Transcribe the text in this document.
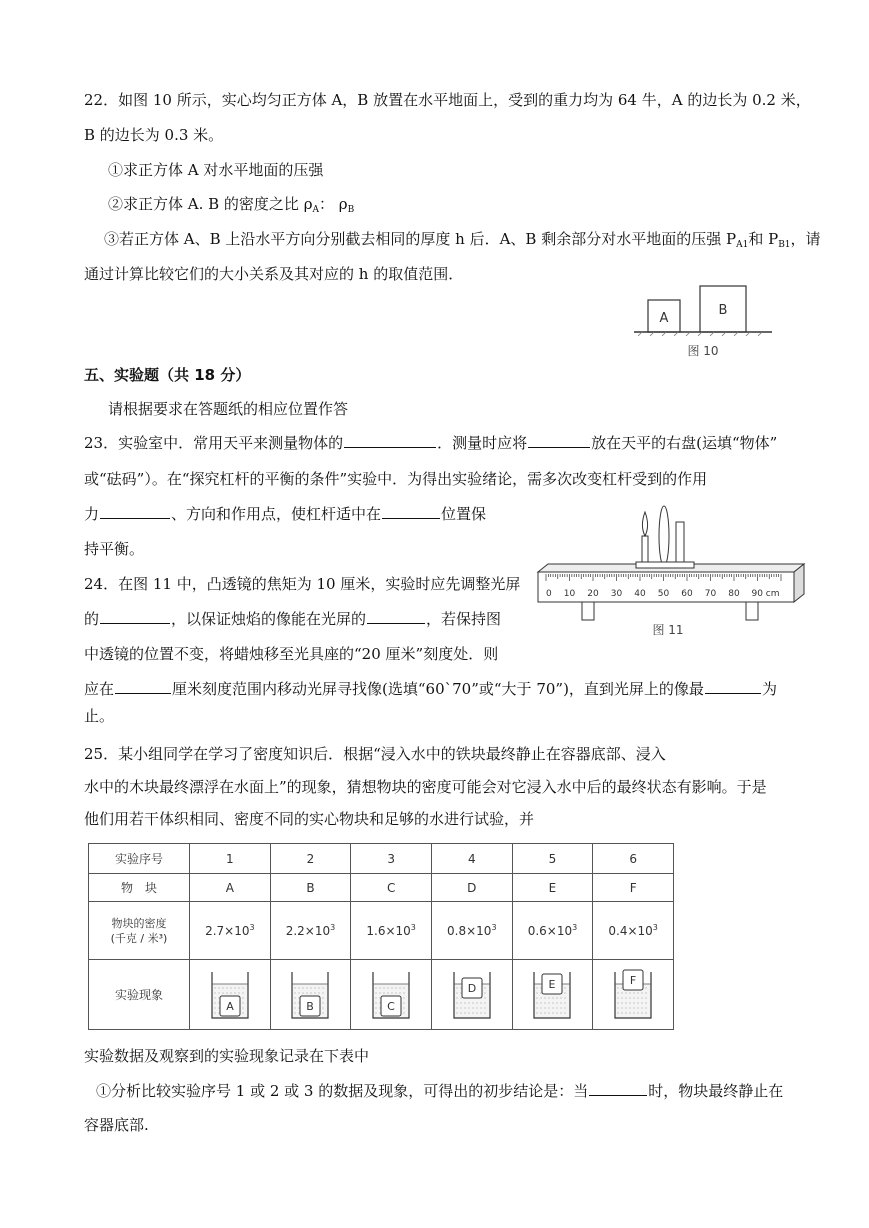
22．如图 10 所示，实心均匀正方体 A，B 放置在水平地面上，受到的重力均为 64 牛，A 的边长为 0.2 米，
B 的边长为 0.3 米。
①求正方体 A 对水平地面的压强
②求正方体 A. B 的密度之比 $\rho_A$： $\rho_B$
③若正方体 A、B 上沿水平方向分别截去相同的厚度 h 后．A、B 剩余部分对水平地面的压强 $P_{A1}$和 $P_{B1}$，请
通过计算比较它们的大小关系及其对应的 h 的取值范围．
A
B
图 10
五、实验题（共 18 分）
请根据要求在答题纸的相应位置作答
23．实验室中．常用天平来测量物体的	．测量时应将	放在天平的右盘(运填“物体”
或“砝码”）。在“探究杠杆的平衡的条件”实验中．为得出实验绪论，需多次改变杠杆受到的作用
力	、方向和作用点，使杠杆适中在	位置保
持平衡。
24．在图 11 中，凸透镜的焦矩为 10 厘米，实验时应先调整光屏
的	，以保证烛焰的像能在光屏的	，若保持图
中透镜的位置不变，将蜡烛移至光具座的“20 厘米”刻度处．则
应在	厘米刻度范围内移动光屏寻找像(选填“60`70”或“大于 70”)，直到光屏上的像最	为
止。
0 10 20 30 40 50 60 70 80 90 cm
图 11
25．某小组同学在学习了密度知识后．根据“浸入水中的铁块最终静止在容器底部、浸入
水中的木块最终漂浮在水面上”的现象，猜想物块的密度可能会对它浸入水中后的最终状态有影响。于是
他们用若干体织相同、密度不同的实心物块和足够的水进行试验，并
实验序号	1	2	3	4	5	6
物　块	A	B	C	D	E	F

物块的密度
(千克 / 米³)	$2.7\times 10^3$	$2.2\times 10^3$	$1.6\times 10^3$	$0.8\times 10^3$	$0.6\times 10^3$	$0.4\times 10^3$
实验现象	A	B	C	D	E	F
实验数据及观察到的实验现象记录在下表中
①分析比较实验序号 1 或 2 或 3 的数据及现象，可得出的初步结论是：当	时，物块最终静止在
容器底部.
